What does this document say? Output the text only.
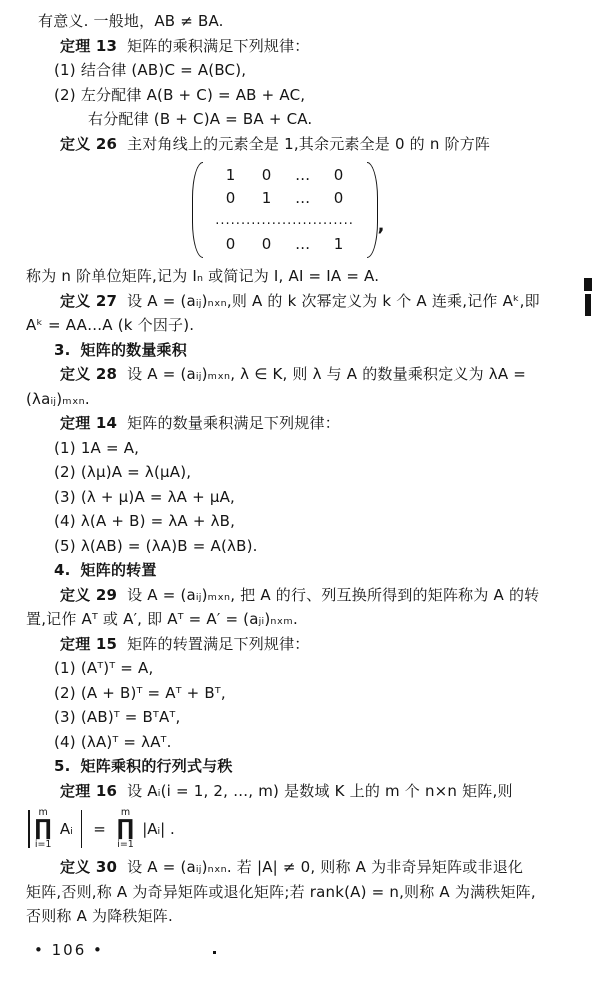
有意义. 一般地，AB ≠ BA.
定理 13 矩阵的乘积满足下列规律：
(1) 结合律 (AB)C = A(BC),
(2) 左分配律 A(B + C) = AB + AC,
右分配律 (B + C)A = BA + CA.
定义 26 主对角线上的元素全是 1,其余元素全是 0 的 n 阶方阵
1	0	…	0
0	1	…	0
...........................
0	0	…	1
,
称为 n 阶单位矩阵,记为 Iₙ 或简记为 I, AI = IA = A.
定义 27 设 A = (aᵢⱼ)ₙₓₙ,则 A 的 k 次幂定义为 k 个 A 连乘,记作 Aᵏ,即
Aᵏ = AA…A (k 个因子).
3. 矩阵的数量乘积
定义 28 设 A = (aᵢⱼ)ₘₓₙ, λ ∈ K, 则 λ 与 A 的数量乘积定义为 λA =
(λaᵢⱼ)ₘₓₙ.
定理 14 矩阵的数量乘积满足下列规律：
(1) 1A = A,
(2) (λμ)A = λ(μA),
(3) (λ + μ)A = λA + μA,
(4) λ(A + B) = λA + λB,
(5) λ(AB) = (λA)B = A(λB).
4. 矩阵的转置
定义 29 设 A = (aᵢⱼ)ₘₓₙ, 把 A 的行、列互换所得到的矩阵称为 A 的转
置,记作 Aᵀ 或 A′, 即 Aᵀ = A′ = (aⱼᵢ)ₙₓₘ.
定理 15 矩阵的转置满足下列规律：
(1) (Aᵀ)ᵀ = A,
(2) (A + B)ᵀ = Aᵀ + Bᵀ,
(3) (AB)ᵀ = BᵀAᵀ,
(4) (λA)ᵀ = λAᵀ.
5. 矩阵乘积的行列式与秩
定理 16 设 Aᵢ(i = 1, 2, …, m) 是数域 K 上的 m 个 n×n 矩阵,则
m
∏
i=1
Aᵢ	=
m
∏
i=1
|Aᵢ| .
定义 30 设 A = (aᵢⱼ)ₙₓₙ. 若 |A| ≠ 0, 则称 A 为非奇异矩阵或非退化
矩阵,否则,称 A 为奇异矩阵或退化矩阵;若 rank(A) = n,则称 A 为满秩矩阵,
否则称 A 为降秩矩阵.
• 106 •
